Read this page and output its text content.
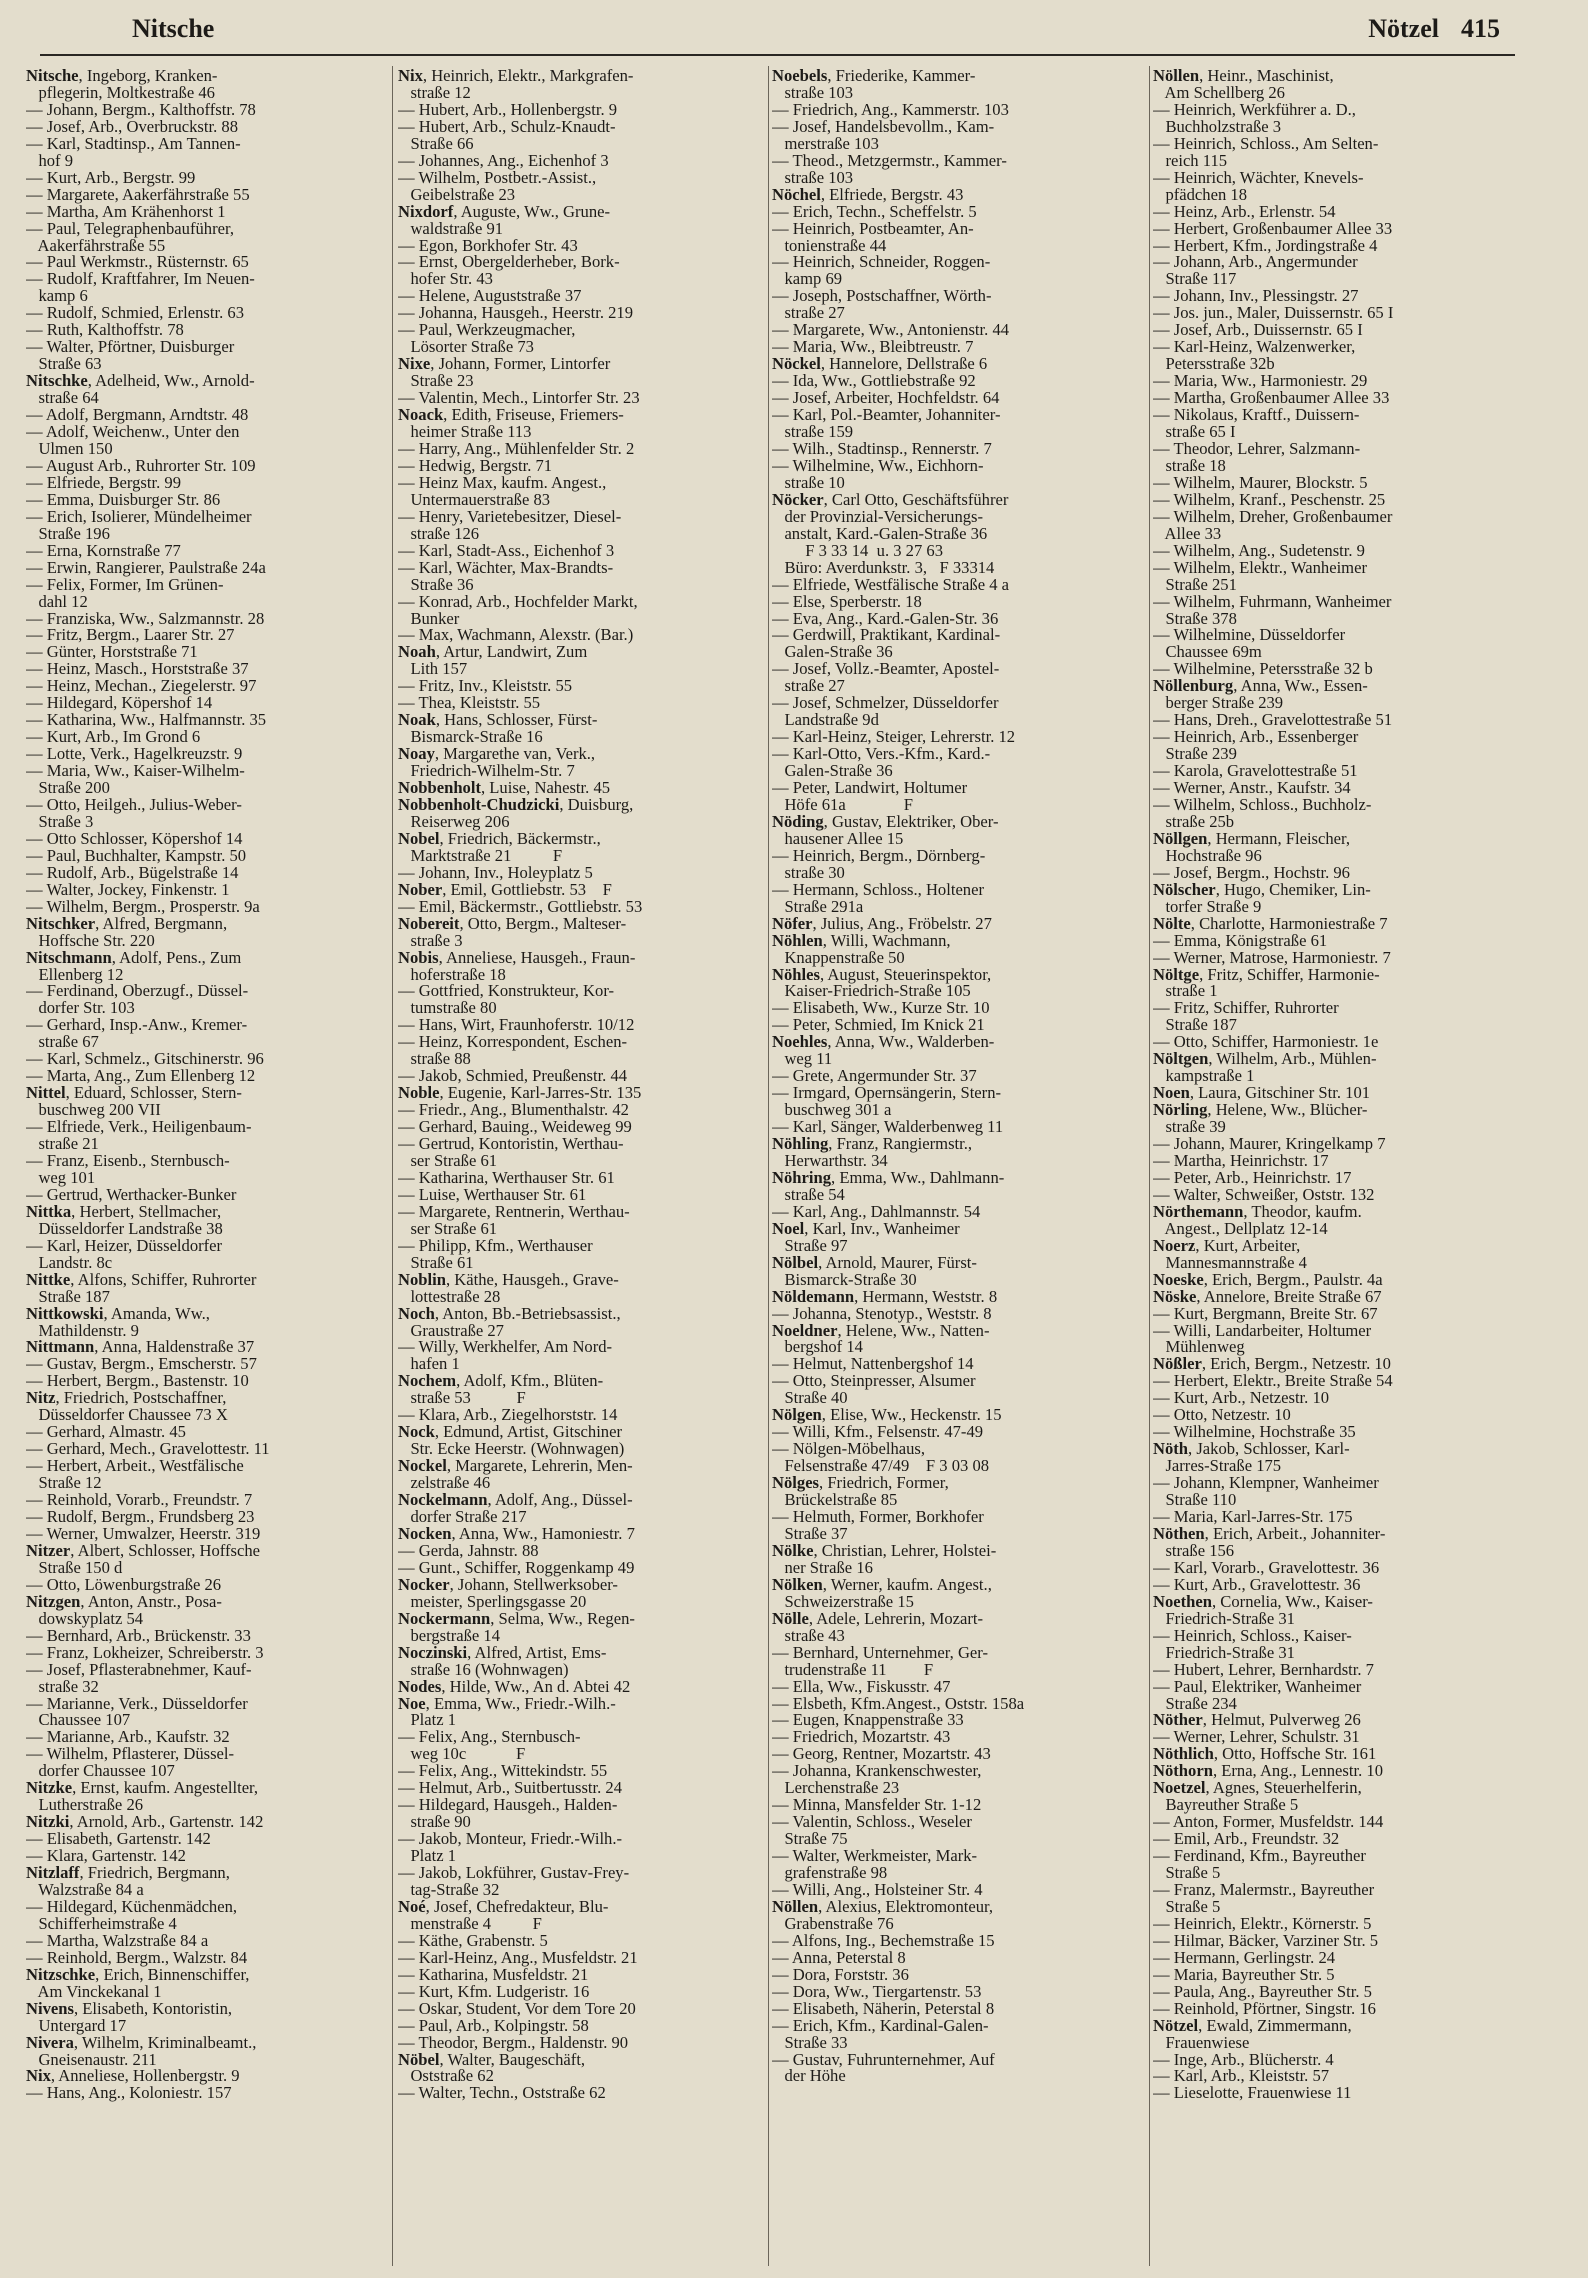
Nitsche	Nötzel 415
Nitsche, Ingeborg, Kranken-
pflegerin, Moltkestraße 46
— Johann, Bergm., Kalthoffstr. 78
— Josef, Arb., Overbruckstr. 88
— Karl, Stadtinsp., Am Tannen-
hof 9
— Kurt, Arb., Bergstr. 99
— Margarete, Aakerfährstraße 55
— Martha, Am Krähenhorst 1
— Paul, Telegraphenbauführer,
Aakerfährstraße 55
— Paul Werkmstr., Rüsternstr. 65
— Rudolf, Kraftfahrer, Im Neuen-
kamp 6
— Rudolf, Schmied, Erlenstr. 63
— Ruth, Kalthoffstr. 78
— Walter, Pförtner, Duisburger
Straße 63
Nitschke, Adelheid, Ww., Arnold-
straße 64
— Adolf, Bergmann, Arndtstr. 48
— Adolf, Weichenw., Unter den
Ulmen 150
— August Arb., Ruhrorter Str. 109
— Elfriede, Bergstr. 99
— Emma, Duisburger Str. 86
— Erich, Isolierer, Mündelheimer
Straße 196
— Erna, Kornstraße 77
— Erwin, Rangierer, Paulstraße 24a
— Felix, Former, Im Grünen-
dahl 12
— Franziska, Ww., Salzmannstr. 28
— Fritz, Bergm., Laarer Str. 27
— Günter, Horststraße 71
— Heinz, Masch., Horststraße 37
— Heinz, Mechan., Ziegelerstr. 97
— Hildegard, Köpershof 14
— Katharina, Ww., Halfmannstr. 35
— Kurt, Arb., Im Grond 6
— Lotte, Verk., Hagelkreuzstr. 9
— Maria, Ww., Kaiser-Wilhelm-
Straße 200
— Otto, Heilgeh., Julius-Weber-
Straße 3
— Otto Schlosser, Köpershof 14
— Paul, Buchhalter, Kampstr. 50
— Rudolf, Arb., Bügelstraße 14
— Walter, Jockey, Finkenstr. 1
— Wilhelm, Bergm., Prosperstr. 9a
Nitschker, Alfred, Bergmann,
Hoffsche Str. 220
Nitschmann, Adolf, Pens., Zum
Ellenberg 12
— Ferdinand, Oberzugf., Düssel-
dorfer Str. 103
— Gerhard, Insp.-Anw., Kremer-
straße 67
— Karl, Schmelz., Gitschinerstr. 96
— Marta, Ang., Zum Ellenberg 12
Nittel, Eduard, Schlosser, Stern-
buschweg 200 VII
— Elfriede, Verk., Heiligenbaum-
straße 21
— Franz, Eisenb., Sternbusch-
weg 101
— Gertrud, Werthacker-Bunker
Nittka, Herbert, Stellmacher,
Düsseldorfer Landstraße 38
— Karl, Heizer, Düsseldorfer
Landstr. 8c
Nittke, Alfons, Schiffer, Ruhrorter
Straße 187
Nittkowski, Amanda, Ww.,
Mathildenstr. 9
Nittmann, Anna, Haldenstraße 37
— Gustav, Bergm., Emscherstr. 57
— Herbert, Bergm., Bastenstr. 10
Nitz, Friedrich, Postschaffner,
Düsseldorfer Chaussee 73 X
— Gerhard, Almastr. 45
— Gerhard, Mech., Gravelottestr. 11
— Herbert, Arbeit., Westfälische
Straße 12
— Reinhold, Vorarb., Freundstr. 7
— Rudolf, Bergm., Frundsberg 23
— Werner, Umwalzer, Heerstr. 319
Nitzer, Albert, Schlosser, Hoffsche
Straße 150 d
— Otto, Löwenburgstraße 26
Nitzgen, Anton, Anstr., Posa-
dowskyplatz 54
— Bernhard, Arb., Brückenstr. 33
— Franz, Lokheizer, Schreiberstr. 3
— Josef, Pflasterabnehmer, Kauf-
straße 32
— Marianne, Verk., Düsseldorfer
Chaussee 107
— Marianne, Arb., Kaufstr. 32
— Wilhelm, Pflasterer, Düssel-
dorfer Chaussee 107
Nitzke, Ernst, kaufm. Angestellter,
Lutherstraße 26
Nitzki, Arnold, Arb., Gartenstr. 142
— Elisabeth, Gartenstr. 142
— Klara, Gartenstr. 142
Nitzlaff, Friedrich, Bergmann,
Walzstraße 84 a
— Hildegard, Küchenmädchen,
Schifferheimstraße 4
— Martha, Walzstraße 84 a
— Reinhold, Bergm., Walzstr. 84
Nitzschke, Erich, Binnenschiffer,
Am Vinckekanal 1
Nivens, Elisabeth, Kontoristin,
Untergard 17
Nivera, Wilhelm, Kriminalbeamt.,
Gneisenaustr. 211
Nix, Anneliese, Hollenbergstr. 9
— Hans, Ang., Koloniestr. 157
Nix, Heinrich, Elektr., Markgrafen-
straße 12
— Hubert, Arb., Hollenbergstr. 9
— Hubert, Arb., Schulz-Knaudt-
Straße 66
— Johannes, Ang., Eichenhof 3
— Wilhelm, Postbetr.-Assist.,
Geibelstraße 23
Nixdorf, Auguste, Ww., Grune-
waldstraße 91
— Egon, Borkhofer Str. 43
— Ernst, Obergelderheber, Bork-
hofer Str. 43
— Helene, Auguststraße 37
— Johanna, Hausgeh., Heerstr. 219
— Paul, Werkzeugmacher,
Lösorter Straße 73
Nixe, Johann, Former, Lintorfer
Straße 23
— Valentin, Mech., Lintorfer Str. 23
Noack, Edith, Friseuse, Friemers-
heimer Straße 113
— Harry, Ang., Mühlenfelder Str. 2
— Hedwig, Bergstr. 71
— Heinz Max, kaufm. Angest.,
Untermauerstraße 83
— Henry, Varietebesitzer, Diesel-
straße 126
— Karl, Stadt-Ass., Eichenhof 3
— Karl, Wächter, Max-Brandts-
Straße 36
— Konrad, Arb., Hochfelder Markt,
Bunker
— Max, Wachmann, Alexstr. (Bar.)
Noah, Artur, Landwirt, Zum
Lith 157
— Fritz, Inv., Kleiststr. 55
— Thea, Kleiststr. 55
Noak, Hans, Schlosser, Fürst-
Bismarck-Straße 16
Noay, Margarethe van, Verk.,
Friedrich-Wilhelm-Str. 7
Nobbenholt, Luise, Nahestr. 45
Nobbenholt-Chudzicki, Duisburg,
Reiserweg 206
Nobel, Friedrich, Bäckermstr.,
Marktstraße 21          F
— Johann, Inv., Holeyplatz 5
Nober, Emil, Gottliebstr. 53    F
— Emil, Bäckermstr., Gottliebstr. 53
Nobereit, Otto, Bergm., Malteser-
straße 3
Nobis, Anneliese, Hausgeh., Fraun-
hoferstraße 18
— Gottfried, Konstrukteur, Kor-
tumstraße 80
— Hans, Wirt, Fraunhoferstr. 10/12
— Heinz, Korrespondent, Eschen-
straße 88
— Jakob, Schmied, Preußenstr. 44
Noble, Eugenie, Karl-Jarres-Str. 135
— Friedr., Ang., Blumenthalstr. 42
— Gerhard, Bauing., Weideweg 99
— Gertrud, Kontoristin, Werthau-
ser Straße 61
— Katharina, Werthauser Str. 61
— Luise, Werthauser Str. 61
— Margarete, Rentnerin, Werthau-
ser Straße 61
— Philipp, Kfm., Werthauser
Straße 61
Noblin, Käthe, Hausgeh., Grave-
lottestraße 28
Noch, Anton, Bb.-Betriebsassist.,
Graustraße 27
— Willy, Werkhelfer, Am Nord-
hafen 1
Nochem, Adolf, Kfm., Blüten-
straße 53           F
— Klara, Arb., Ziegelhorststr. 14
Nock, Edmund, Artist, Gitschiner
Str. Ecke Heerstr. (Wohnwagen)
Nockel, Margarete, Lehrerin, Men-
zelstraße 46
Nockelmann, Adolf, Ang., Düssel-
dorfer Straße 217
Nocken, Anna, Ww., Hamoniestr. 7
— Gerda, Jahnstr. 88
— Gunt., Schiffer, Roggenkamp 49
Nocker, Johann, Stellwerksober-
meister, Sperlingsgasse 20
Nockermann, Selma, Ww., Regen-
bergstraße 14
Noczinski, Alfred, Artist, Ems-
straße 16 (Wohnwagen)
Nodes, Hilde, Ww., An d. Abtei 42
Noe, Emma, Ww., Friedr.-Wilh.-
Platz 1
— Felix, Ang., Sternbusch-
weg 10c            F
— Felix, Ang., Wittekindstr. 55
— Helmut, Arb., Suitbertusstr. 24
— Hildegard, Hausgeh., Halden-
straße 90
— Jakob, Monteur, Friedr.-Wilh.-
Platz 1
— Jakob, Lokführer, Gustav-Frey-
tag-Straße 32
Noé, Josef, Chefredakteur, Blu-
menstraße 4          F
— Käthe, Grabenstr. 5
— Karl-Heinz, Ang., Musfeldstr. 21
— Katharina, Musfeldstr. 21
— Kurt, Kfm. Ludgeristr. 16
— Oskar, Student, Vor dem Tore 20
— Paul, Arb., Kolpingstr. 58
— Theodor, Bergm., Haldenstr. 90
Nöbel, Walter, Baugeschäft,
Oststraße 62
— Walter, Techn., Oststraße 62
Noebels, Friederike, Kammer-
straße 103
— Friedrich, Ang., Kammerstr. 103
— Josef, Handelsbevollm., Kam-
merstraße 103
— Theod., Metzgermstr., Kammer-
straße 103
Nöchel, Elfriede, Bergstr. 43
— Erich, Techn., Scheffelstr. 5
— Heinrich, Postbeamter, An-
tonienstraße 44
— Heinrich, Schneider, Roggen-
kamp 69
— Joseph, Postschaffner, Wörth-
straße 27
— Margarete, Ww., Antonienstr. 44
— Maria, Ww., Bleibtreustr. 7
Nöckel, Hannelore, Dellstraße 6
— Ida, Ww., Gottliebstraße 92
— Josef, Arbeiter, Hochfeldstr. 64
— Karl, Pol.-Beamter, Johanniter-
straße 159
— Wilh., Stadtinsp., Rennerstr. 7
— Wilhelmine, Ww., Eichhorn-
straße 10
Nöcker, Carl Otto, Geschäftsführer
der Provinzial-Versicherungs-
anstalt, Kard.-Galen-Straße 36
F 3 33 14  u. 3 27 63
Büro: Averdunkstr. 3,   F 33314
— Elfriede, Westfälische Straße 4 a
— Else, Sperberstr. 18
— Eva, Ang., Kard.-Galen-Str. 36
— Gerdwill, Praktikant, Kardinal-
Galen-Straße 36
— Josef, Vollz.-Beamter, Apostel-
straße 27
— Josef, Schmelzer, Düsseldorfer
Landstraße 9d
— Karl-Heinz, Steiger, Lehrerstr. 12
— Karl-Otto, Vers.-Kfm., Kard.-
Galen-Straße 36
— Peter, Landwirt, Holtumer
Höfe 61a              F
Nöding, Gustav, Elektriker, Ober-
hausener Allee 15
— Heinrich, Bergm., Dörnberg-
straße 30
— Hermann, Schloss., Holtener
Straße 291a
Nöfer, Julius, Ang., Fröbelstr. 27
Nöhlen, Willi, Wachmann,
Knappenstraße 50
Nöhles, August, Steuerinspektor,
Kaiser-Friedrich-Straße 105
— Elisabeth, Ww., Kurze Str. 10
— Peter, Schmied, Im Knick 21
Noehles, Anna, Ww., Walderben-
weg 11
— Grete, Angermunder Str. 37
— Irmgard, Opernsängerin, Stern-
buschweg 301 a
— Karl, Sänger, Walderbenweg 11
Nöhling, Franz, Rangiermstr.,
Herwarthstr. 34
Nöhring, Emma, Ww., Dahlmann-
straße 54
— Karl, Ang., Dahlmannstr. 54
Noel, Karl, Inv., Wanheimer
Straße 97
Nölbel, Arnold, Maurer, Fürst-
Bismarck-Straße 30
Nöldemann, Hermann, Weststr. 8
— Johanna, Stenotyp., Weststr. 8
Noeldner, Helene, Ww., Natten-
bergshof 14
— Helmut, Nattenbergshof 14
— Otto, Steinpresser, Alsumer
Straße 40
Nölgen, Elise, Ww., Heckenstr. 15
— Willi, Kfm., Felsenstr. 47-49
— Nölgen-Möbelhaus,
Felsenstraße 47/49    F 3 03 08
Nölges, Friedrich, Former,
Brückelstraße 85
— Helmuth, Former, Borkhofer
Straße 37
Nölke, Christian, Lehrer, Holstei-
ner Straße 16
Nölken, Werner, kaufm. Angest.,
Schweizerstraße 15
Nölle, Adele, Lehrerin, Mozart-
straße 43
— Bernhard, Unternehmer, Ger-
trudenstraße 11         F
— Ella, Ww., Fiskusstr. 47
— Elsbeth, Kfm.Angest., Oststr. 158a
— Eugen, Knappenstraße 33
— Friedrich, Mozartstr. 43
— Georg, Rentner, Mozartstr. 43
— Johanna, Krankenschwester,
Lerchenstraße 23
— Minna, Mansfelder Str. 1-12
— Valentin, Schloss., Weseler
Straße 75
— Walter, Werkmeister, Mark-
grafenstraße 98
— Willi, Ang., Holsteiner Str. 4
Nöllen, Alexius, Elektromonteur,
Grabenstraße 76
— Alfons, Ing., Bechemstraße 15
— Anna, Peterstal 8
— Dora, Forststr. 36
— Dora, Ww., Tiergartenstr. 53
— Elisabeth, Näherin, Peterstal 8
— Erich, Kfm., Kardinal-Galen-
Straße 33
— Gustav, Fuhrunternehmer, Auf
der Höhe
Nöllen, Heinr., Maschinist,
Am Schellberg 26
— Heinrich, Werkführer a. D.,
Buchholzstraße 3
— Heinrich, Schloss., Am Selten-
reich 115
— Heinrich, Wächter, Knevels-
pfädchen 18
— Heinz, Arb., Erlenstr. 54
— Herbert, Großenbaumer Allee 33
— Herbert, Kfm., Jordingstraße 4
— Johann, Arb., Angermunder
Straße 117
— Johann, Inv., Plessingstr. 27
— Jos. jun., Maler, Duissernstr. 65 I
— Josef, Arb., Duissernstr. 65 I
— Karl-Heinz, Walzenwerker,
Petersstraße 32b
— Maria, Ww., Harmoniestr. 29
— Martha, Großenbaumer Allee 33
— Nikolaus, Kraftf., Duissern-
straße 65 I
— Theodor, Lehrer, Salzmann-
straße 18
— Wilhelm, Maurer, Blockstr. 5
— Wilhelm, Kranf., Peschenstr. 25
— Wilhelm, Dreher, Großenbaumer
Allee 33
— Wilhelm, Ang., Sudetenstr. 9
— Wilhelm, Elektr., Wanheimer
Straße 251
— Wilhelm, Fuhrmann, Wanheimer
Straße 378
— Wilhelmine, Düsseldorfer
Chaussee 69m
— Wilhelmine, Petersstraße 32 b
Nöllenburg, Anna, Ww., Essen-
berger Straße 239
— Hans, Dreh., Gravelottestraße 51
— Heinrich, Arb., Essenberger
Straße 239
— Karola, Gravelottestraße 51
— Werner, Anstr., Kaufstr. 34
— Wilhelm, Schloss., Buchholz-
straße 25b
Nöllgen, Hermann, Fleischer,
Hochstraße 96
— Josef, Bergm., Hochstr. 96
Nölscher, Hugo, Chemiker, Lin-
torfer Straße 9
Nölte, Charlotte, Harmoniestraße 7
— Emma, Königstraße 61
— Werner, Matrose, Harmoniestr. 7
Nöltge, Fritz, Schiffer, Harmonie-
straße 1
— Fritz, Schiffer, Ruhrorter
Straße 187
— Otto, Schiffer, Harmoniestr. 1e
Nöltgen, Wilhelm, Arb., Mühlen-
kampstraße 1
Noen, Laura, Gitschiner Str. 101
Nörling, Helene, Ww., Blücher-
straße 39
— Johann, Maurer, Kringelkamp 7
— Martha, Heinrichstr. 17
— Peter, Arb., Heinrichstr. 17
— Walter, Schweißer, Oststr. 132
Nörthemann, Theodor, kaufm.
Angest., Dellplatz 12-14
Noerz, Kurt, Arbeiter,
Mannesmannstraße 4
Noeske, Erich, Bergm., Paulstr. 4a
Nöske, Annelore, Breite Straße 67
— Kurt, Bergmann, Breite Str. 67
— Willi, Landarbeiter, Holtumer
Mühlenweg
Nößler, Erich, Bergm., Netzestr. 10
— Herbert, Elektr., Breite Straße 54
— Kurt, Arb., Netzestr. 10
— Otto, Netzestr. 10
— Wilhelmine, Hochstraße 35
Nöth, Jakob, Schlosser, Karl-
Jarres-Straße 175
— Johann, Klempner, Wanheimer
Straße 110
— Maria, Karl-Jarres-Str. 175
Nöthen, Erich, Arbeit., Johanniter-
straße 156
— Karl, Vorarb., Gravelottestr. 36
— Kurt, Arb., Gravelottestr. 36
Noethen, Cornelia, Ww., Kaiser-
Friedrich-Straße 31
— Heinrich, Schloss., Kaiser-
Friedrich-Straße 31
— Hubert, Lehrer, Bernhardstr. 7
— Paul, Elektriker, Wanheimer
Straße 234
Nöther, Helmut, Pulverweg 26
— Werner, Lehrer, Schulstr. 31
Nöthlich, Otto, Hoffsche Str. 161
Nöthorn, Erna, Ang., Lennestr. 10
Noetzel, Agnes, Steuerhelferin,
Bayreuther Straße 5
— Anton, Former, Musfeldstr. 144
— Emil, Arb., Freundstr. 32
— Ferdinand, Kfm., Bayreuther
Straße 5
— Franz, Malermstr., Bayreuther
Straße 5
— Heinrich, Elektr., Körnerstr. 5
— Hilmar, Bäcker, Varziner Str. 5
— Hermann, Gerlingstr. 24
— Maria, Bayreuther Str. 5
— Paula, Ang., Bayreuther Str. 5
— Reinhold, Pförtner, Singstr. 16
Nötzel, Ewald, Zimmermann,
Frauenwiese
— Inge, Arb., Blücherstr. 4
— Karl, Arb., Kleiststr. 57
— Lieselotte, Frauenwiese 11
